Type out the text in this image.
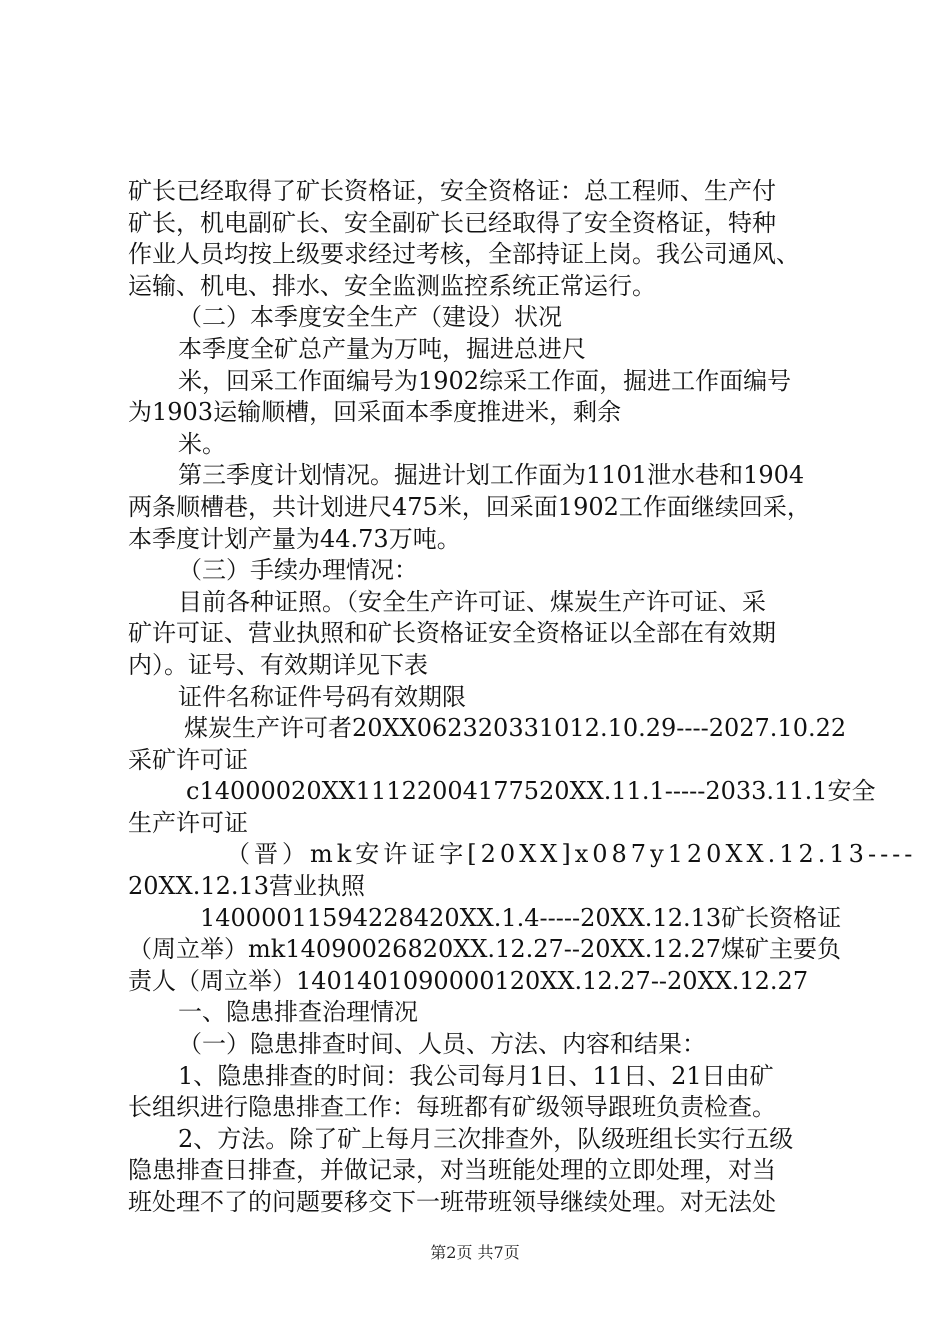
矿长已经取得了矿长资格证，安全资格证：总工程师、生产付
矿长，机电副矿长、安全副矿长已经取得了安全资格证，特种
作业人员均按上级要求经过考核，全部持证上岗。我公司通风、
运输、机电、排水、安全监测监控系统正常运行。
（二）本季度安全生产（建设）状况
本季度全矿总产量为万吨，掘进总进尺
米，回采工作面编号为1902综采工作面，掘进工作面编号
为1903运输顺槽，回采面本季度推进米，剩余
米。
第三季度计划情况。掘进计划工作面为1101泄水巷和1904
两条顺槽巷，共计划进尺475米，回采面1902工作面继续回采，
本季度计划产量为44.73万吨。
（三）手续办理情况：
目前各种证照。（安全生产许可证、煤炭生产许可证、采
矿许可证、营业执照和矿长资格证安全资格证以全部在有效期
内）。证号、有效期详见下表
证件名称证件号码有效期限
煤炭生产许可者20XX062320331012.10.29----2027.10.22
采矿许可证
c14000020XX11122004177520XX.11.1-----2033.11.1安全
生产许可证
（晋）mk安许证字[20XX]x087y120XX.12.13----
20XX.12.13营业执照
14000011594228420XX.1.4-----20XX.12.13矿长资格证
（周立举）mk14090026820XX.12.27--20XX.12.27煤矿主要负
责人（周立举）1401401090000120XX.12.27--20XX.12.27
一、隐患排查治理情况
（一）隐患排查时间、人员、方法、内容和结果：
1、隐患排查的时间：我公司每月1日、11日、21日由矿
长组织进行隐患排查工作：每班都有矿级领导跟班负责检查。
2、方法。除了矿上每月三次排查外，队级班组长实行五级
隐患排查日排查，并做记录，对当班能处理的立即处理，对当
班处理不了的问题要移交下一班带班领导继续处理。对无法处
第2页 共7页
